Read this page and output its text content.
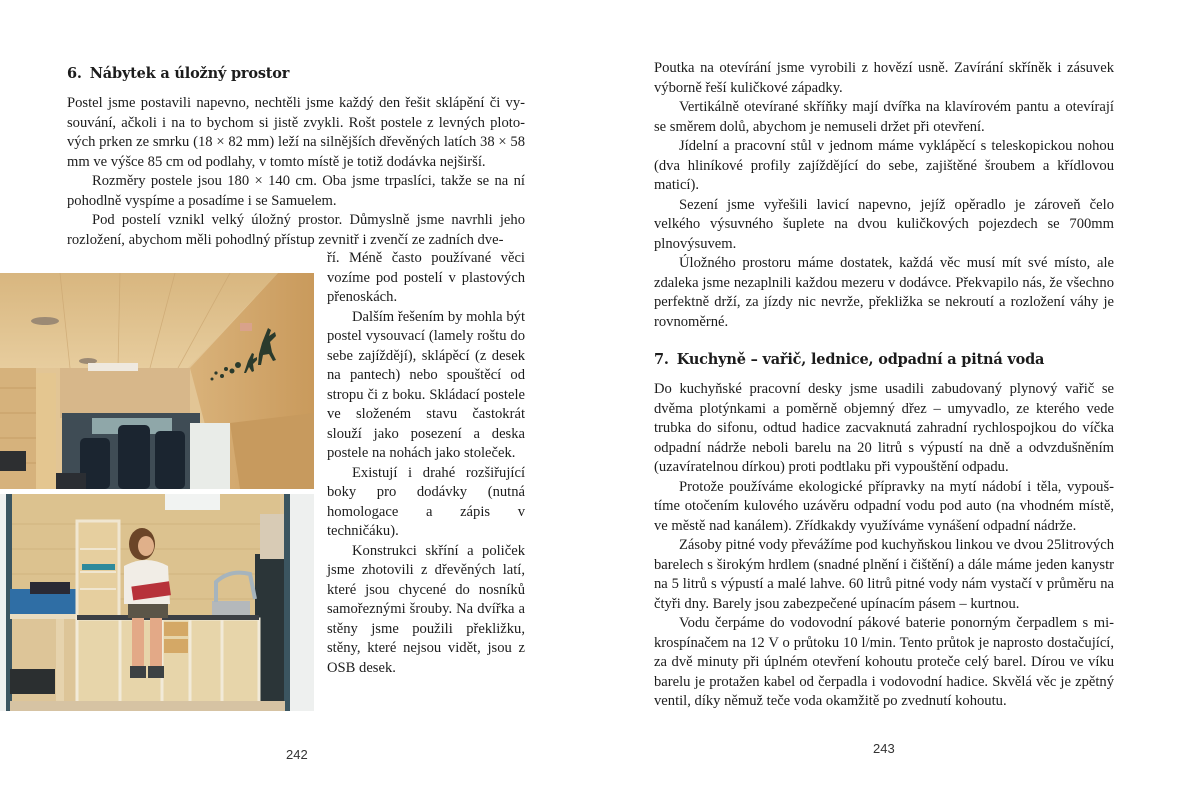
6. Nábytek a úložný prostor

Postel jsme postavili napevno, nechtěli jsme každý den řešit sklápění či vysouvání, ačkoli i na to bychom si jistě zvykli. Rošt postele z levných plotových prken ze smrku (18 × 82 mm) leží na silnějších dřevěných latích 38 × 58 mm ve výšce 85 cm od podlahy, v tomto místě je totiž dodávka nejširší.

Rozměry postele jsou 180 × 140 cm. Oba jsme trpaslíci, takže se na ní pohodlně vyspíme a posadíme i se Samuelem.

Pod postelí vznikl velký úložný prostor. Důmyslně jsme navrhli jeho rozložení, abychom měli pohodlný přístup zevnitř i zvenčí ze zadních dve-

ří. Méně často používané věci vozíme pod postelí v plastových přenoskách.

Dalším řešením by mohla být postel vysouvací (lamely roštu do sebe zajíždějí), sklápěcí (z desek na pantech) nebo spouštěcí od stropu či z boku. Skládací postele ve složeném stavu častokrát slouží jako posezení a deska postele na nohách jako stoleček.

Existují i drahé rozšiřující boky pro dodávky (nutná homologace a zápis v techničáku).

Konstrukci skříní a poliček jsme zhotovili z dřevěných latí, které jsou chycené do nosníků samořeznými šrouby. Na dvířka a stěny jsme použili překližku, stěny, které nejsou vidět, jsou z OSB desek.

242

Poutka na otevírání jsme vyrobili z hovězí usně. Zavírání skříněk i zásuvek výborně řeší kuličkové západky.

Vertikálně otevírané skříňky mají dvířka na klavírovém pantu a otevírají se směrem dolů, abychom je nemuseli držet při otevření.

Jídelní a pracovní stůl v jednom máme vyklápěcí s teleskopickou nohou (dva hliníkové profily zajíždějící do sebe, zajištěné šroubem a křídlovou maticí).

Sezení jsme vyřešili lavicí napevno, jejíž opěradlo je zároveň čelo velkého výsuvného šuplete na dvou kuličkových pojezdech se 700mm plnovýsuvem.

Úložného prostoru máme dostatek, každá věc musí mít své místo, ale zdaleka jsme nezaplnili každou mezeru v dodávce. Překvapilo nás, že všechno perfektně drží, za jízdy nic nevrže, překližka se nekroutí a rozložení váhy je rovnoměrné.

7. Kuchyně – vařič, lednice, odpadní a pitná voda

Do kuchyňské pracovní desky jsme usadili zabudovaný plynový vařič se dvěma plotýnkami a poměrně objemný dřez – umyvadlo, ze kterého vede trubka do sifonu, odtud hadice zacvaknutá zahradní rychlospojkou do víčka odpadní nádrže neboli barelu na 20 litrů s výpustí na dně a odvzdušněním (uzavíratelnou dírkou) proti podtlaku při vypouštění odpadu.

Protože používáme ekologické přípravky na mytí nádobí i těla, vypouštíme otočením kulového uzávěru odpadní vodu pod auto (na vhodném místě, ve městě nad kanálem). Zřídkakdy využíváme vynášení odpadní nádrže.

Zásoby pitné vody převážíme pod kuchyňskou linkou ve dvou 25litrových barelech s širokým hrdlem (snadné plnění i čištění) a dále máme jeden kanystr na 5 litrů s výpustí a malé lahve. 60 litrů pitné vody nám vystačí v průměru na čtyři dny. Barely jsou zabezpečené upínacím pásem – kurtnou.

Vodu čerpáme do vodovodní pákové baterie ponorným čerpadlem s mikrospínačem na 12 V o průtoku 10 l/min. Tento průtok je naprosto dostačující, za dvě minuty při úplném otevření kohoutu proteče celý barel. Dírou ve víku barelu je protažen kabel od čerpadla i vodovodní hadice. Skvělá věc je zpětný ventil, díky němuž teče voda okamžitě po zvednutí kohoutu.

243
